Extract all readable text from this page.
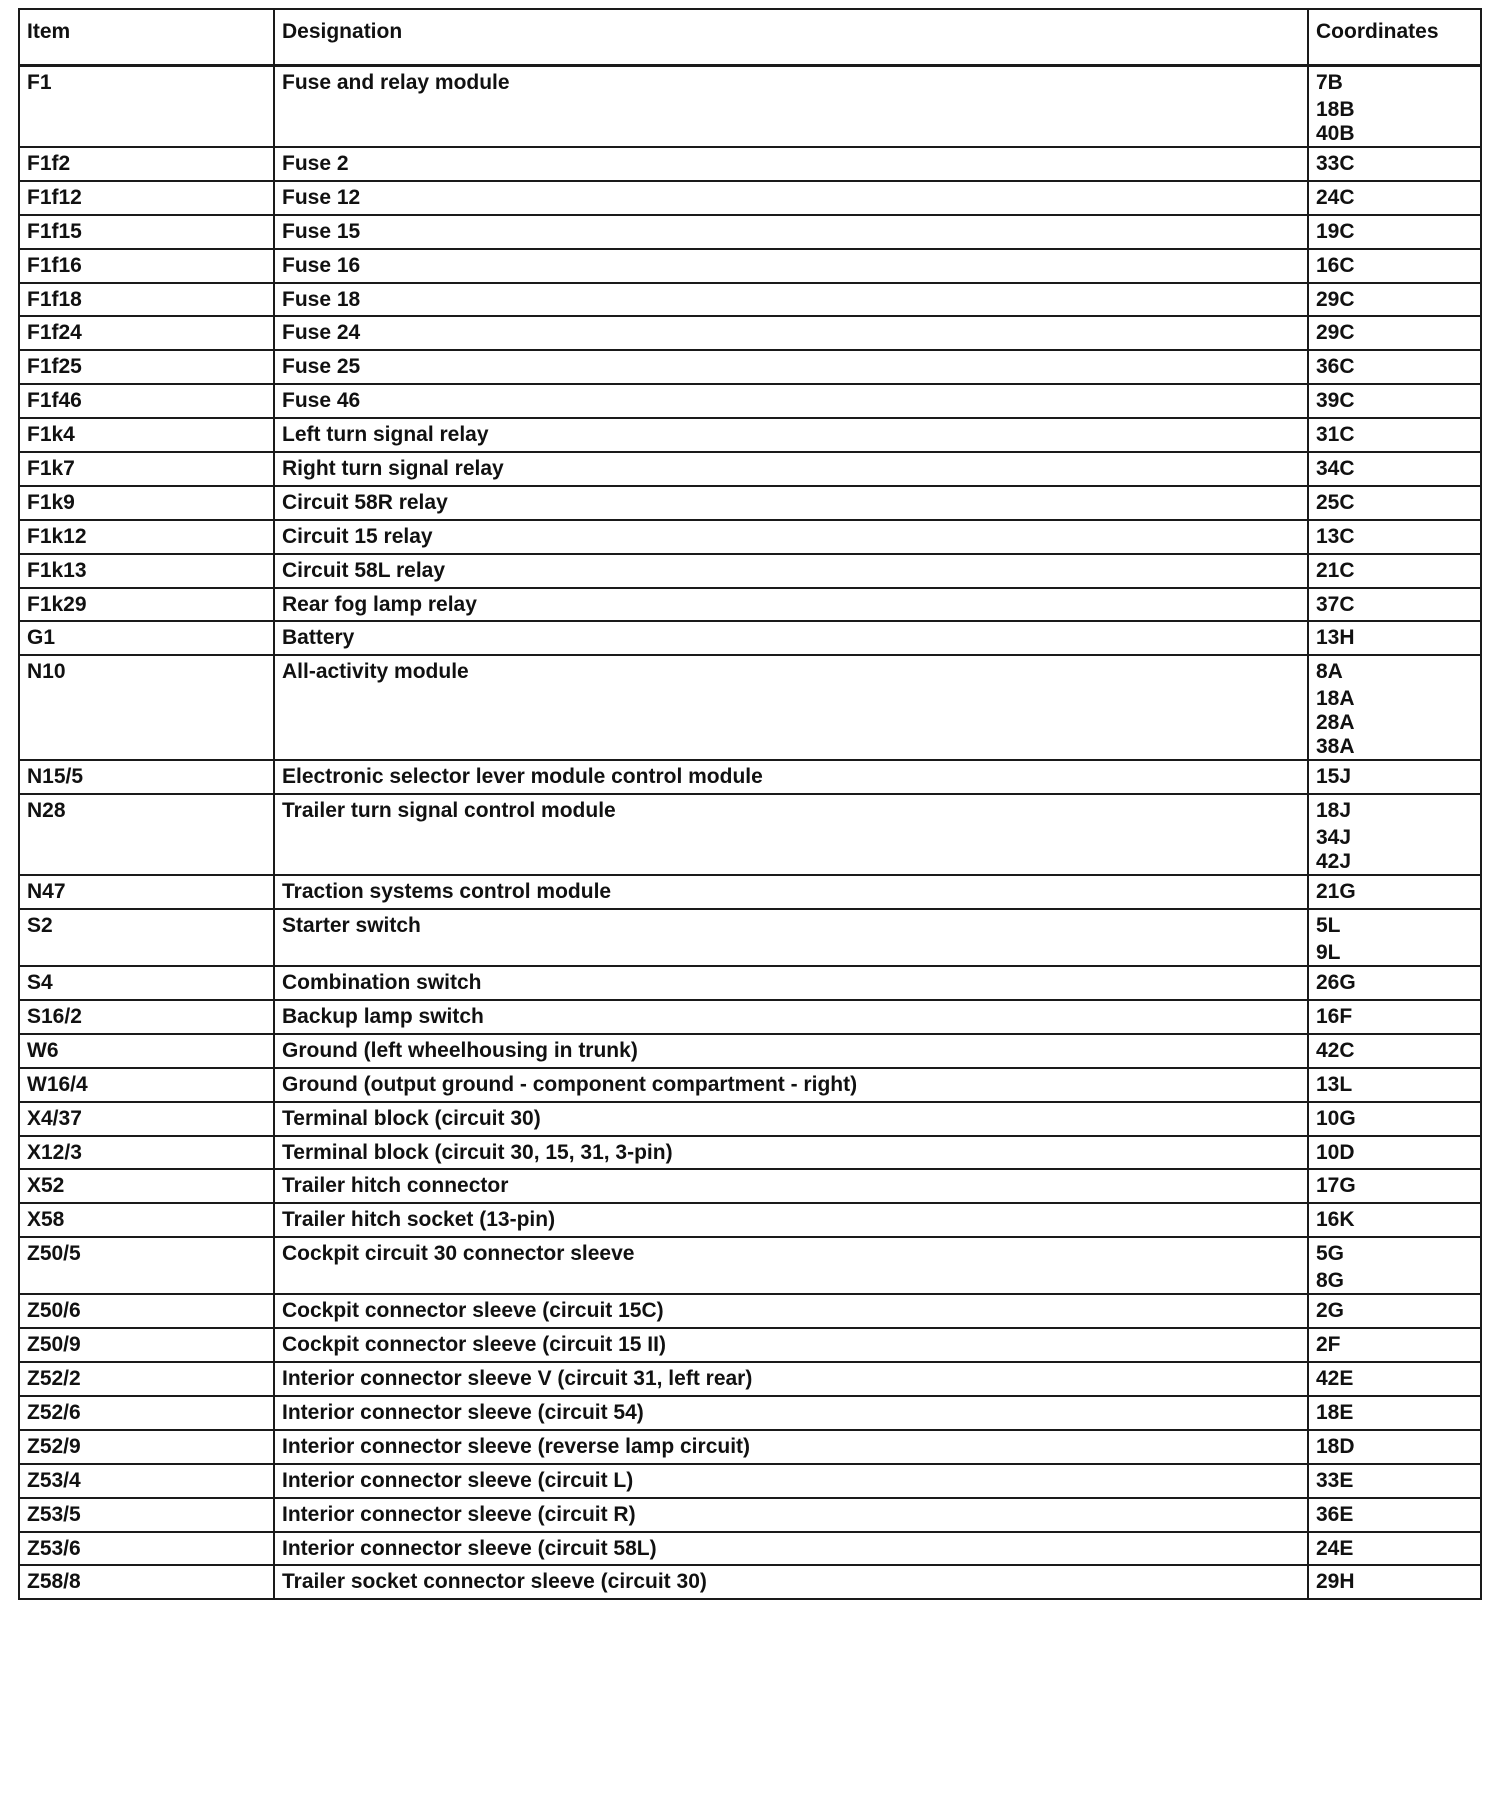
Item	Designation	Coordinates
F1	Fuse and relay module	7B
18B
40B

F1f2	Fuse 2	33C

F1f12	Fuse 12	24C

F1f15	Fuse 15	19C

F1f16	Fuse 16	16C

F1f18	Fuse 18	29C

F1f24	Fuse 24	29C

F1f25	Fuse 25	36C

F1f46	Fuse 46	39C

F1k4	Left turn signal relay	31C

F1k7	Right turn signal relay	34C

F1k9	Circuit 58R relay	25C

F1k12	Circuit 15 relay	13C

F1k13	Circuit 58L relay	21C

F1k29	Rear fog lamp relay	37C

G1	Battery	13H

N10	All-activity module	8A
18A
28A
38A

N15/5	Electronic selector lever module control module	15J

N28	Trailer turn signal control module	18J
34J
42J

N47	Traction systems control module	21G

S2	Starter switch	5L
9L

S4	Combination switch	26G

S16/2	Backup lamp switch	16F

W6	Ground (left wheelhousing in trunk)	42C

W16/4	Ground (output ground - component compartment - right)	13L

X4/37	Terminal block (circuit 30)	10G

X12/3	Terminal block (circuit 30, 15, 31, 3-pin)	10D

X52	Trailer hitch connector	17G

X58	Trailer hitch socket (13-pin)	16K

Z50/5	Cockpit circuit 30 connector sleeve	5G
8G

Z50/6	Cockpit connector sleeve (circuit 15C)	2G

Z50/9	Cockpit connector sleeve (circuit 15 II)	2F

Z52/2	Interior connector sleeve V (circuit 31, left rear)	42E

Z52/6	Interior connector sleeve (circuit 54)	18E

Z52/9	Interior connector sleeve (reverse lamp circuit)	18D

Z53/4	Interior connector sleeve (circuit L)	33E

Z53/5	Interior connector sleeve (circuit R)	36E

Z53/6	Interior connector sleeve (circuit 58L)	24E

Z58/8	Trailer socket connector sleeve (circuit 30)	29H
